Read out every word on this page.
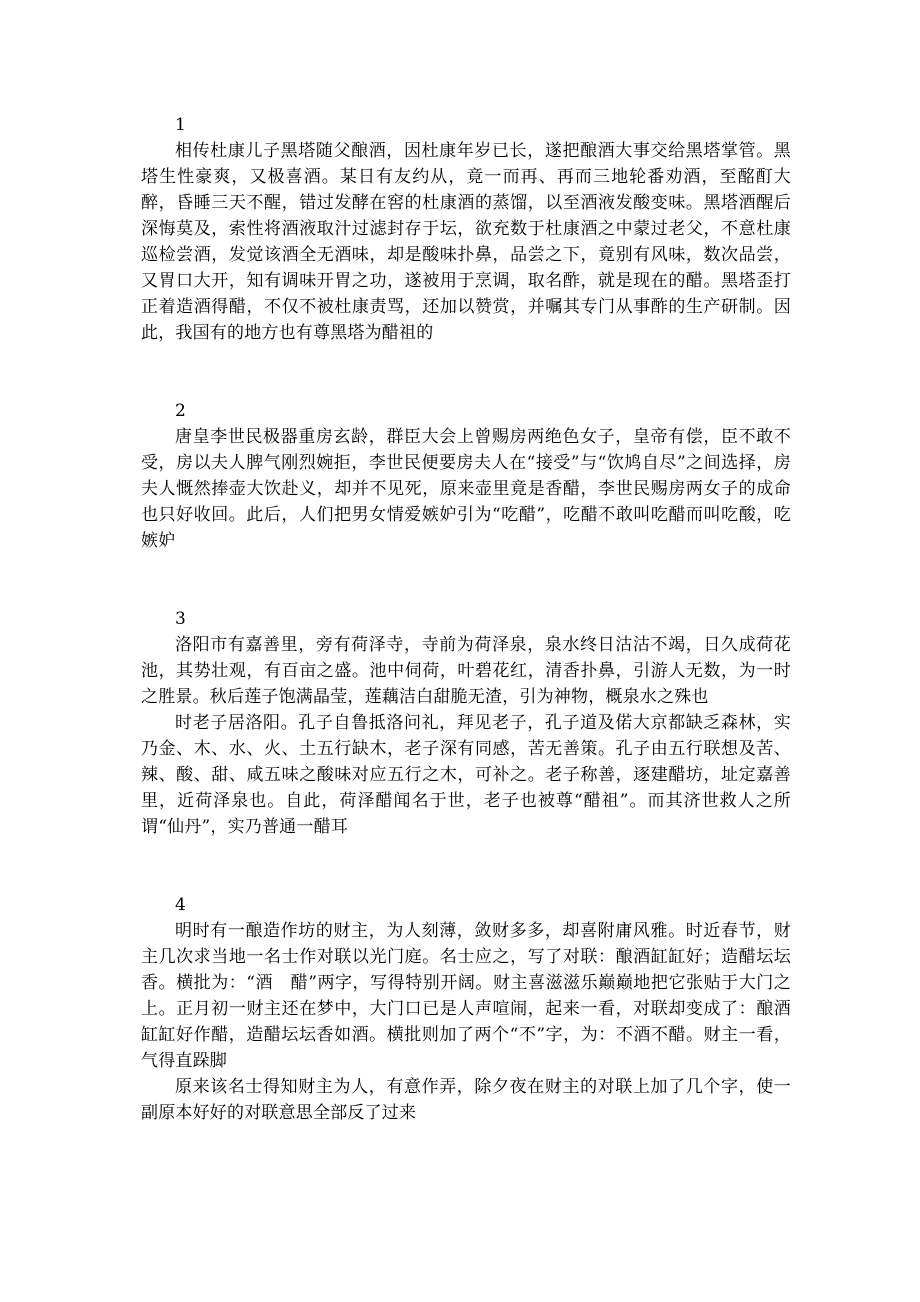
1

相传杜康儿子黑塔随父酿酒，因杜康年岁已长，遂把酿酒大事交给黑塔掌管。黑塔生性豪爽，又极喜酒。某日有友约从，竟一而再、再而三地轮番劝酒，至酩酊大醉，昏睡三天不醒，错过发酵在窖的杜康酒的蒸馏，以至酒液发酸变味。黑塔酒醒后深悔莫及，索性将酒液取汁过滤封存于坛，欲充数于杜康酒之中蒙过老父，不意杜康巡检尝酒，发觉该酒全无酒味，却是酸味扑鼻，品尝之下，竟别有风味，数次品尝，又胃口大开，知有调味开胃之功，遂被用于烹调，取名酢，就是现在的醋。黑塔歪打正着造酒得醋，不仅不被杜康责骂，还加以赞赏，并嘱其专门从事酢的生产研制。因此，我国有的地方也有尊黑塔为醋祖的

2

唐皇李世民极器重房玄龄，群臣大会上曾赐房两绝色女子，皇帝有偿，臣不敢不受，房以夫人脾气刚烈婉拒，李世民便要房夫人在“接受”与“饮鸠自尽”之间选择，房夫人慨然捧壶大饮赴义，却并不见死，原来壶里竟是香醋，李世民赐房两女子的成命也只好收回。此后，人们把男女情爱嫉妒引为“吃醋”，吃醋不敢叫吃醋而叫吃酸，吃嫉妒

3

洛阳市有嘉善里，旁有荷泽寺，寺前为荷泽泉，泉水终日沽沽不竭，日久成荷花池，其势壮观，有百亩之盛。池中伺荷，叶碧花红，清香扑鼻，引游人无数，为一时之胜景。秋后莲子饱满晶莹，莲藕洁白甜脆无渣，引为神物，概泉水之殊也

时老子居洛阳。孔子自鲁抵洛问礼，拜见老子，孔子道及偌大京都缺乏森林，实乃金、木、水、火、土五行缺木，老子深有同感，苦无善策。孔子由五行联想及苦、辣、酸、甜、咸五味之酸味对应五行之木，可补之。老子称善，逐建醋坊，址定嘉善里，近荷泽泉也。自此，荷泽醋闻名于世，老子也被尊“醋祖”。而其济世救人之所谓“仙丹”，实乃普通一醋耳

4

明时有一酿造作坊的财主，为人刻薄，敛财多多，却喜附庸风雅。时近春节，财主几次求当地一名士作对联以光门庭。名士应之，写了对联：酿酒缸缸好；造醋坛坛香。横批为：“酒　醋”两字，写得特别开阔。财主喜滋滋乐巅巅地把它张贴于大门之上。正月初一财主还在梦中，大门口已是人声喧闹，起来一看，对联却变成了：酿酒缸缸好作醋，造醋坛坛香如酒。横批则加了两个“不”字，为：不酒不醋。财主一看，气得直跺脚

原来该名士得知财主为人，有意作弄，除夕夜在财主的对联上加了几个字，使一副原本好好的对联意思全部反了过来
